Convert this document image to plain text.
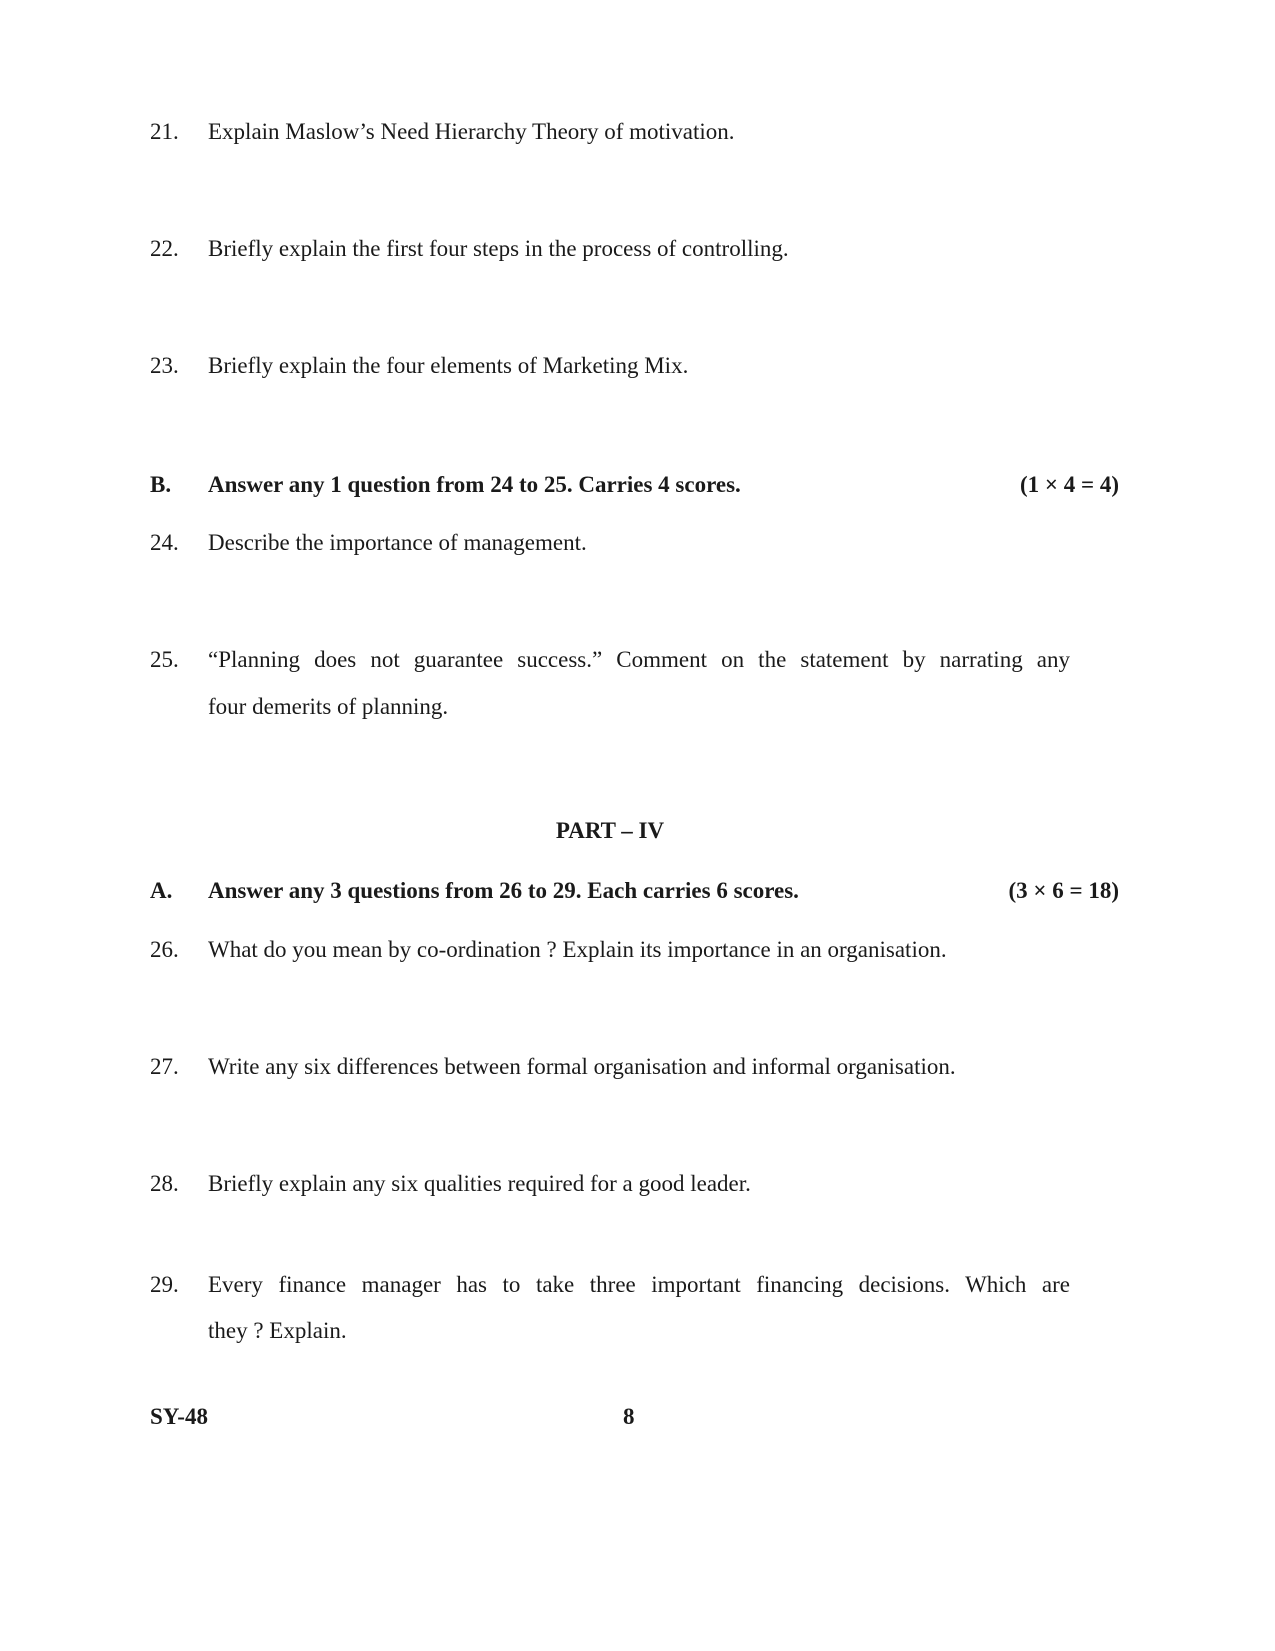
21. Explain Maslow’s Need Hierarchy Theory of motivation.
22. Briefly explain the first four steps in the process of controlling.
23. Briefly explain the four elements of Marketing Mix.
B. Answer any 1 question from 24 to 25. Carries 4 scores.	(1 × 4 = 4)
24. Describe the importance of management.
25. “Planning does not guarantee success.” Comment on the statement by narrating any
four demerits of planning.
PART – IV
A. Answer any 3 questions from 26 to 29. Each carries 6 scores.	(3 × 6 = 18)
26. What do you mean by co-ordination ? Explain its importance in an organisation.
27. Write any six differences between formal organisation and informal organisation.
28. Briefly explain any six qualities required for a good leader.
29. Every finance manager has to take three important financing decisions. Which are
they ? Explain.
SY-48	8
